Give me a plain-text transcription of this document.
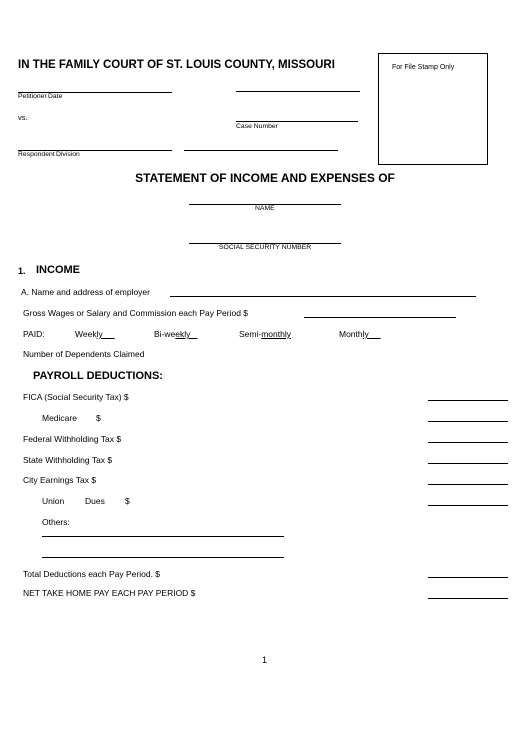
IN THE FAMILY COURT OF ST. LOUIS COUNTY, MISSOURI	For File Stamp Only
Petitioner Date
vs.
Case Number
Respondent Division
STATEMENT OF INCOME AND EXPENSES OF
NAME
SOCIAL SECURITY NUMBER
1. INCOME
A. Name and address of employer
Gross Wages or Salary and Commission each Pay Period $
PAID:	Weekly	Bi-weekly	Semi-monthly	Monthly
Number of Dependents Claimed
PAYROLL DEDUCTIONS:
FICA (Social Security Tax) $
Medicare $
Federal Withholding Tax $
State Withholding Tax $
City Earnings Tax $
Union Dues $
Others:
Total Deductions each Pay Period. $
NET TAKE HOME PAY EACH PAY PERIOD $
1
